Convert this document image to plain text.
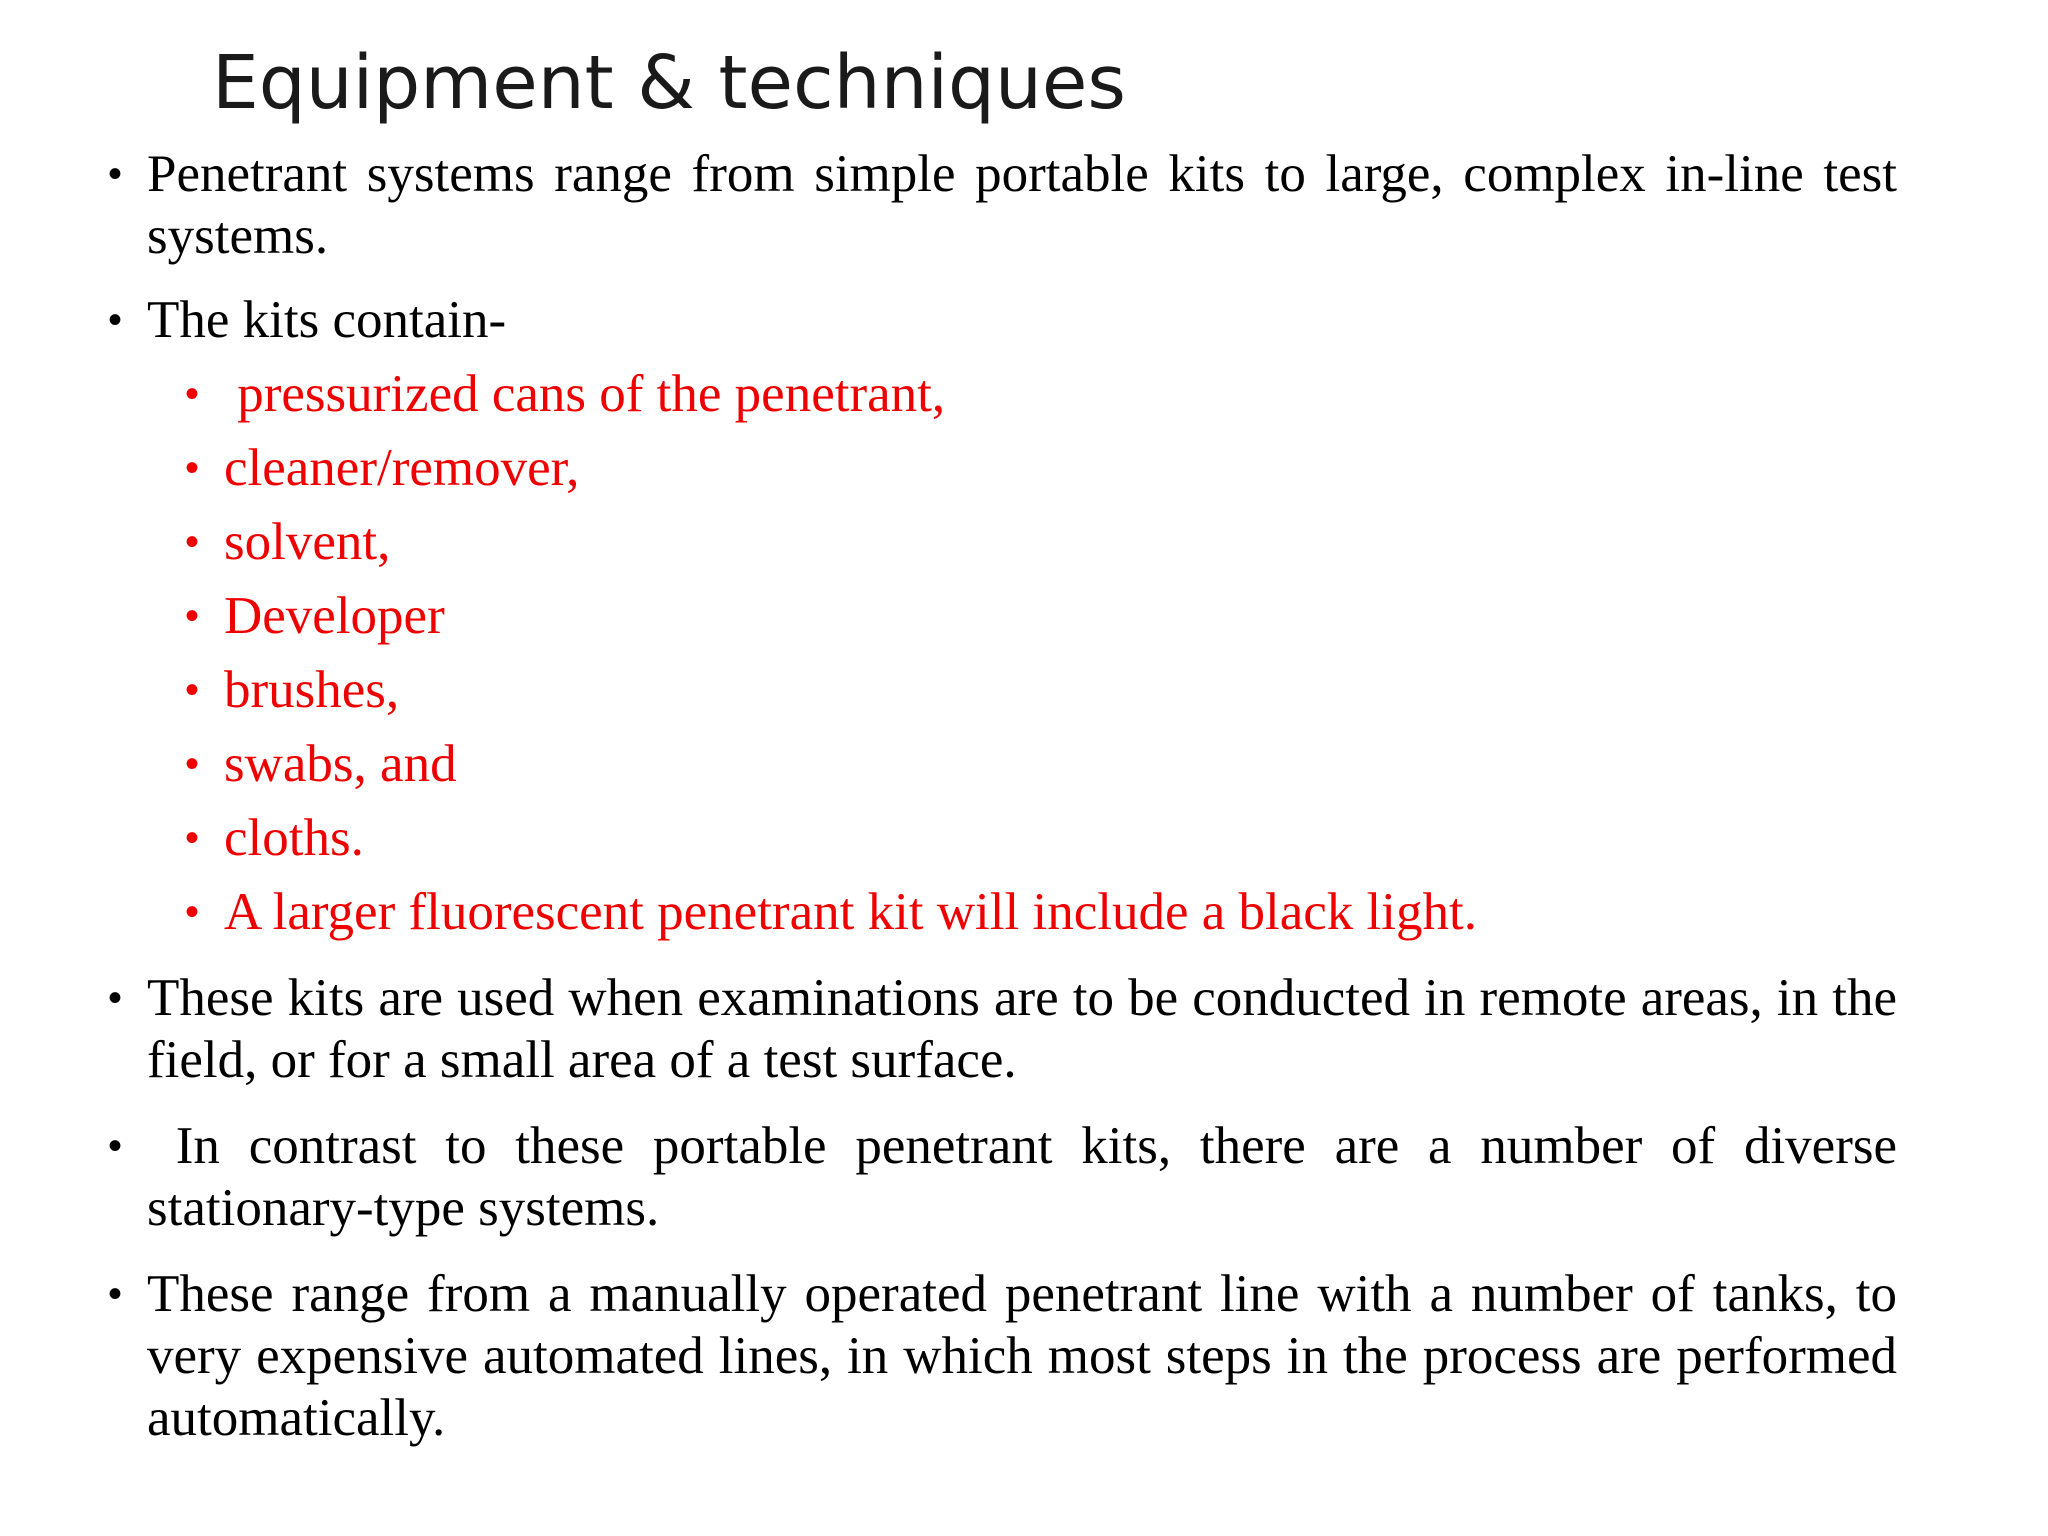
Equipment & techniques
• Penetrant systems range from simple portable kits to large, complex in-line test systems.
• The kits contain-
• pressurized cans of the penetrant,
• cleaner/remover,
• solvent,
• Developer
• brushes,
• swabs, and
• cloths.
• A larger fluorescent penetrant kit will include a black light.
• These kits are used when examinations are to be conducted in remote areas, in the field, or for a small area of a test surface.
• In contrast to these portable penetrant kits, there are a number of diverse stationary-type systems.
• These range from a manually operated penetrant line with a number of tanks, to very expensive automated lines, in which most steps in the process are performed automatically.
